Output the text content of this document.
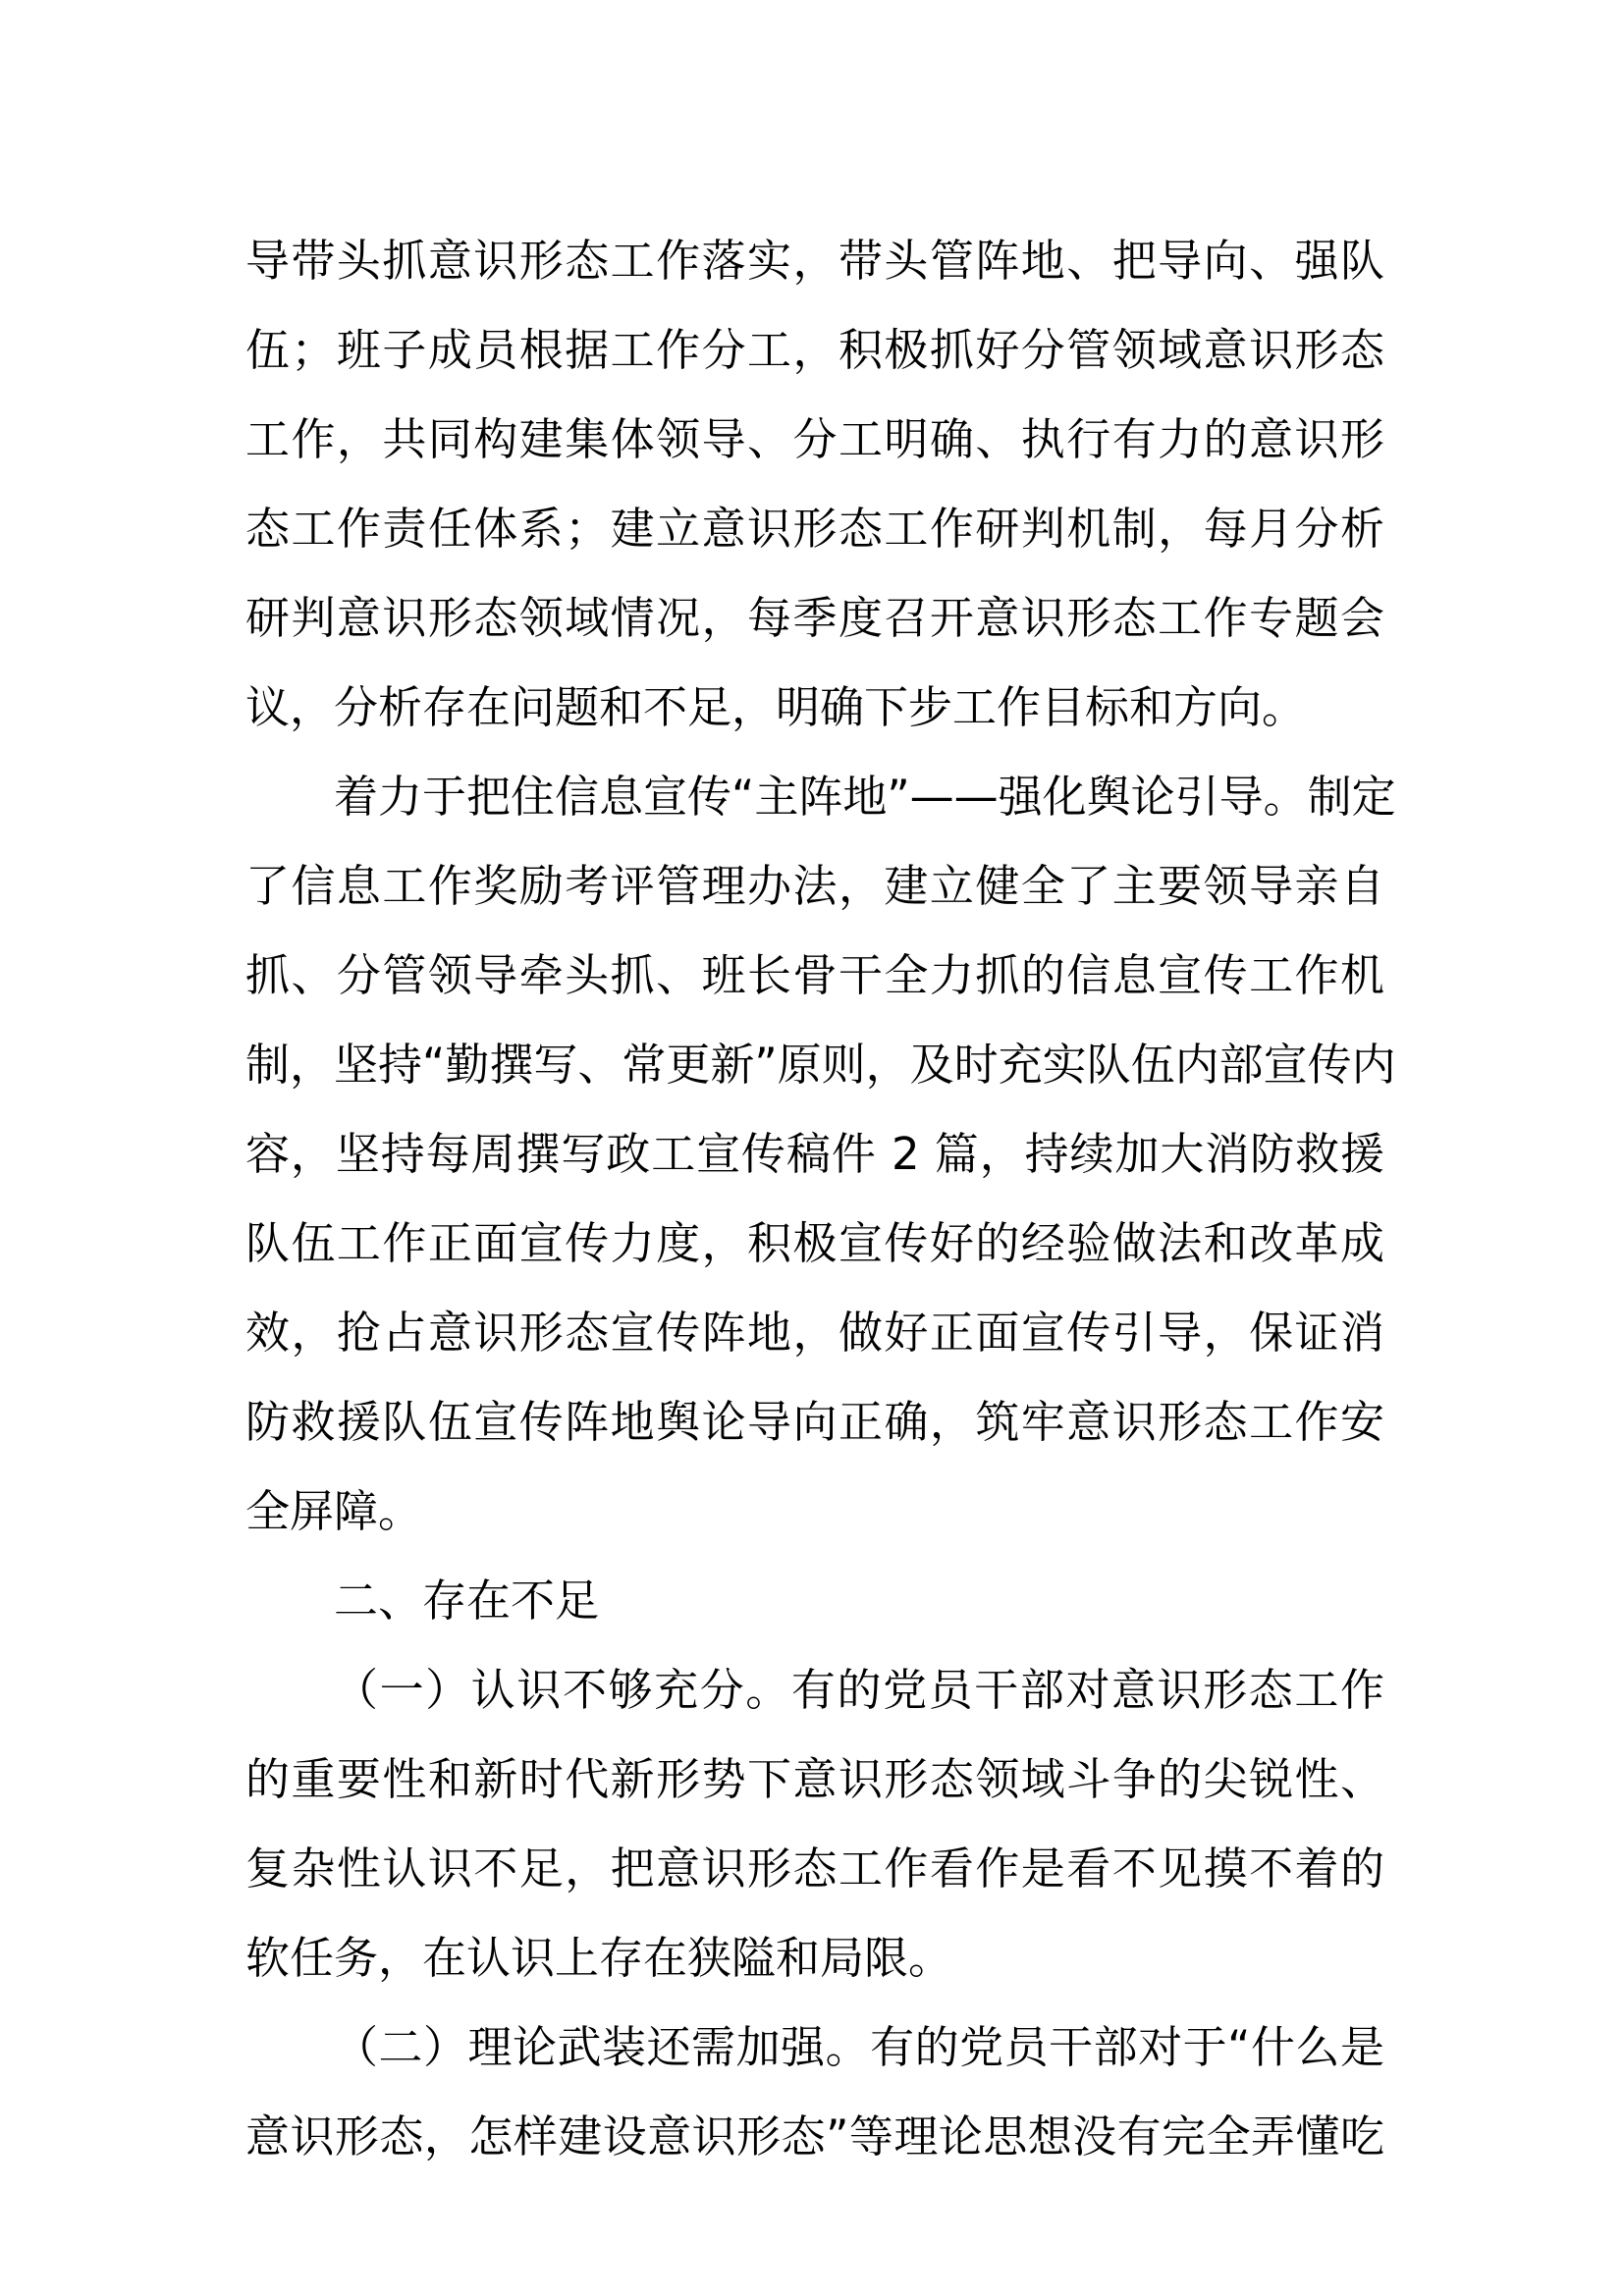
导带头抓意识形态工作落实，带头管阵地、把导向、强队
伍；班子成员根据工作分工，积极抓好分管领域意识形态
工作，共同构建集体领导、分工明确、执行有力的意识形
态工作责任体系；建立意识形态工作研判机制，每月分析
研判意识形态领域情况，每季度召开意识形态工作专题会
议，分析存在问题和不足，明确下步工作目标和方向。
着力于把住信息宣传“主阵地”——强化舆论引导。制定
了信息工作奖励考评管理办法，建立健全了主要领导亲自
抓、分管领导牵头抓、班长骨干全力抓的信息宣传工作机
制，坚持“勤撰写、常更新”原则，及时充实队伍内部宣传内
容，坚持每周撰写政工宣传稿件 2 篇，持续加大消防救援
队伍工作正面宣传力度，积极宣传好的经验做法和改革成
效，抢占意识形态宣传阵地，做好正面宣传引导，保证消
防救援队伍宣传阵地舆论导向正确，筑牢意识形态工作安
全屏障。
二、存在不足
（一）认识不够充分。有的党员干部对意识形态工作
的重要性和新时代新形势下意识形态领域斗争的尖锐性、
复杂性认识不足，把意识形态工作看作是看不见摸不着的
软任务，在认识上存在狭隘和局限。
（二）理论武装还需加强。有的党员干部对于“什么是
意识形态，怎样建设意识形态”等理论思想没有完全弄懂吃
